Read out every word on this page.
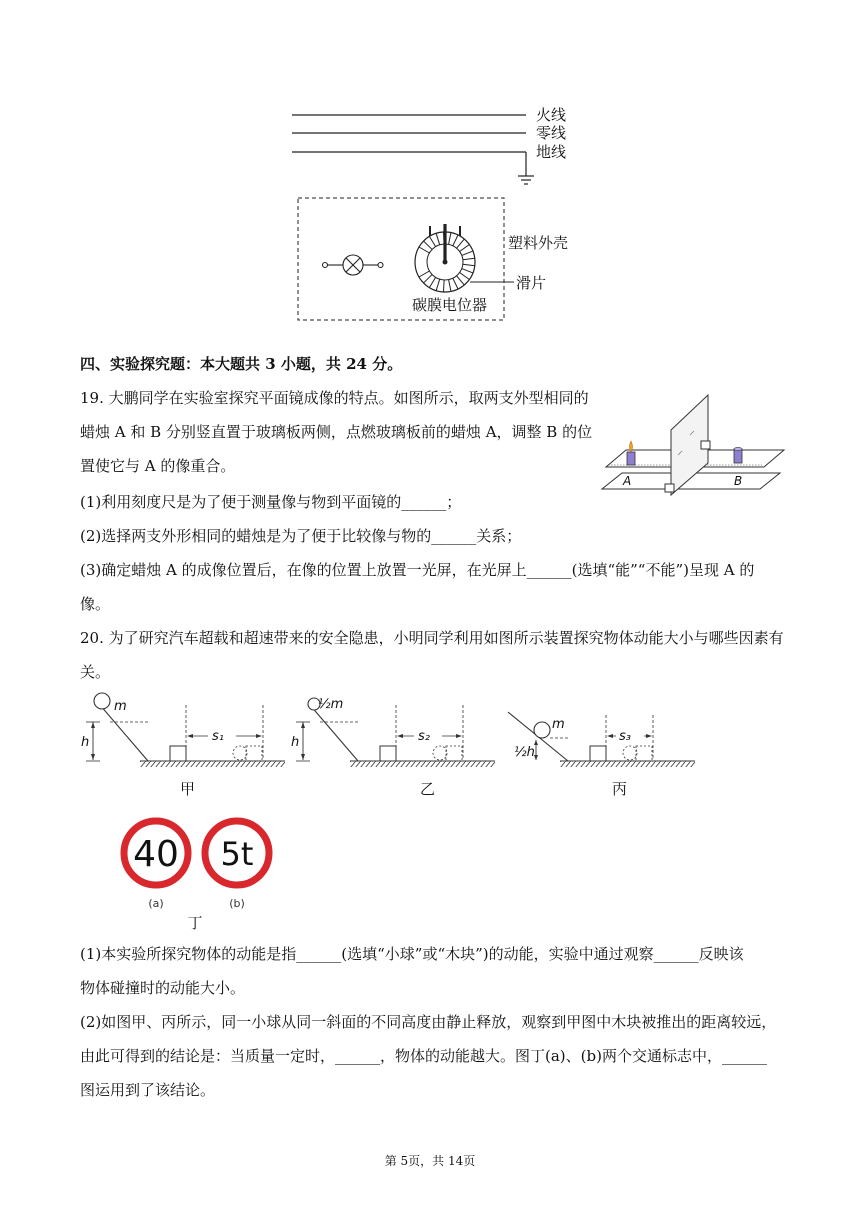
火线
零线
地线
塑料外壳
滑片
碳膜电位器
四、实验探究题：本大题共 3 小题，共 24 分。
19. 大鹏同学在实验室探究平面镜成像的特点。如图所示，取两支外型相同的
蜡烛 A 和 B 分别竖直置于玻璃板两侧，点燃玻璃板前的蜡烛 A，调整 B 的位
置使它与 A 的像重合。
(1)利用刻度尺是为了便于测量像与物到平面镜的______；
(2)选择两支外形相同的蜡烛是为了便于比较像与物的______关系；
(3)确定蜡烛 A 的成像位置后，在像的位置上放置一光屏，在光屏上______(选填“能”“不能”)呈现 A 的
像。
A	B
20. 为了研究汽车超载和超速带来的安全隐患，小明同学利用如图所示装置探究物体动能大小与哪些因素有
关。
m
h	s₁
甲
½m
h	s₂
乙
m
½h
s₃
丙
40 5t
(a)	(b)
丁
(1)本实验所探究物体的动能是指______(选填“小球”或“木块”)的动能，实验中通过观察______反映该
物体碰撞时的动能大小。
(2)如图甲、丙所示，同一小球从同一斜面的不同高度由静止释放，观察到甲图中木块被推出的距离较远，
由此可得到的结论是：当质量一定时，______，物体的动能越大。图丁(a)、(b)两个交通标志中，______
图运用到了该结论。
第 5页，共 14页
